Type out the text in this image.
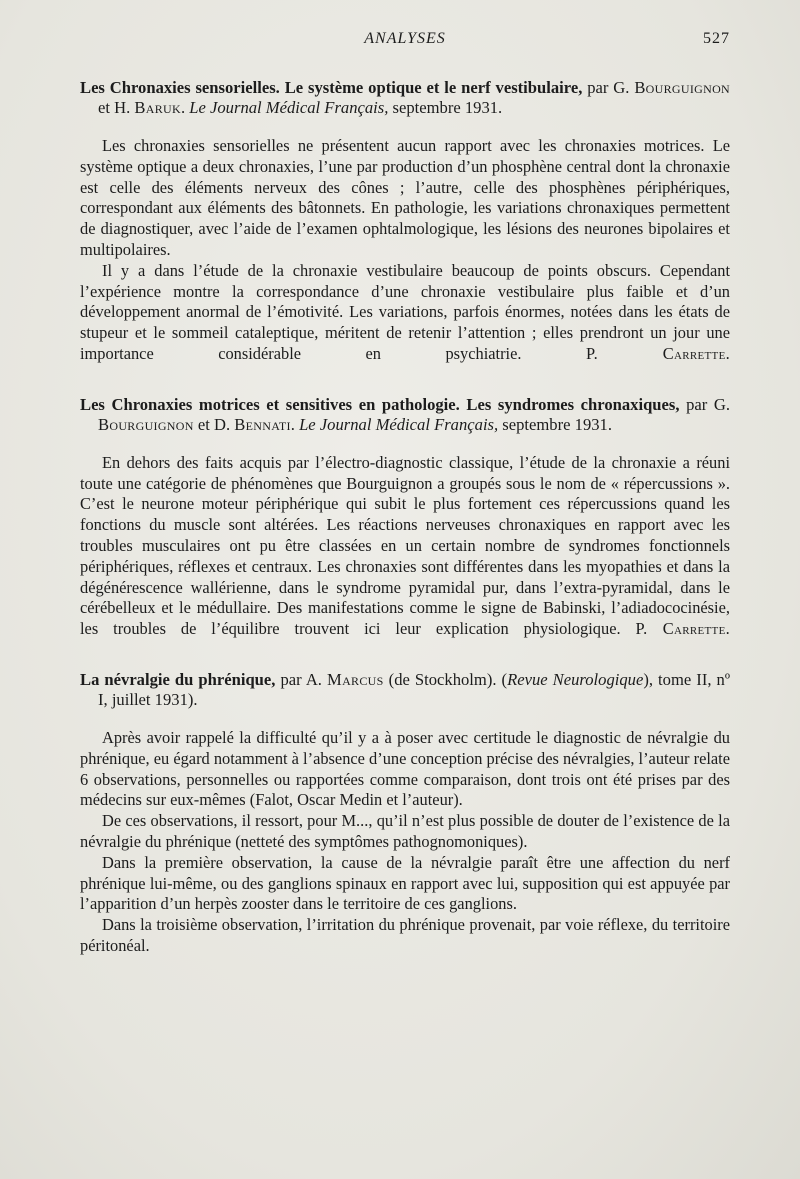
ANALYSES	527
Les Chronaxies sensorielles. Le système optique et le nerf vestibulaire, par G. Bourguignon et H. Baruk. Le Journal Médical Français, septembre 1931.

Les chronaxies sensorielles ne présentent aucun rapport avec les chronaxies motrices. Le système optique a deux chronaxies, l’une par production d’un phosphène central dont la chronaxie est celle des éléments nerveux des cônes ; l’autre, celle des phosphènes périphériques, correspondant aux éléments des bâtonnets. En pathologie, les variations chronaxiques permettent de diagnostiquer, avec l’aide de l’examen ophtalmologique, les lésions des neurones bipolaires et multipolaires.

Il y a dans l’étude de la chronaxie vestibulaire beaucoup de points obscurs. Cependant l’expérience montre la correspondance d’une chronaxie vestibulaire plus faible et d’un développement anormal de l’émotivité. Les variations, parfois énormes, notées dans les états de stupeur et le sommeil cataleptique, méritent de retenir l’attention ; elles prendront un jour une importance considérable en psychiatrie.	P. Carrette.

Les Chronaxies motrices et sensitives en pathologie. Les syndromes chronaxiques, par G. Bourguignon et D. Bennati. Le Journal Médical Français, septembre 1931.

En dehors des faits acquis par l’électro-diagnostic classique, l’étude de la chronaxie a réuni toute une catégorie de phénomènes que Bourguignon a groupés sous le nom de « répercussions ». C’est le neurone moteur périphérique qui subit le plus fortement ces répercussions quand les fonctions du muscle sont altérées. Les réactions nerveuses chronaxiques en rapport avec les troubles musculaires ont pu être classées en un certain nombre de syndromes fonctionnels périphériques, réflexes et centraux. Les chronaxies sont différentes dans les myopathies et dans la dégénérescence wallérienne, dans le syndrome pyramidal pur, dans l’extra-pyramidal, dans le cérébelleux et le médullaire. Des manifestations comme le signe de Babinski, l’adiadococinésie, les troubles de l’équilibre trouvent ici leur explication physiologique. P. Carrette.

La névralgie du phrénique, par A. Marcus (de Stockholm). (Revue Neurologique), tome II, nº I, juillet 1931).

Après avoir rappelé la difficulté qu’il y a à poser avec certitude le diagnostic de névralgie du phrénique, eu égard notamment à l’absence d’une conception précise des névralgies, l’auteur relate 6 observations, personnelles ou rapportées comme comparaison, dont trois ont été prises par des médecins sur eux-mêmes (Falot, Oscar Medin et l’auteur).

De ces observations, il ressort, pour M..., qu’il n’est plus possible de douter de l’existence de la névralgie du phrénique (netteté des symptômes pathognomoniques).

Dans la première observation, la cause de la névralgie paraît être une affection du nerf phrénique lui-même, ou des ganglions spinaux en rapport avec lui, supposition qui est appuyée par l’apparition d’un herpès zooster dans le territoire de ces ganglions.

Dans la troisième observation, l’irritation du phrénique provenait, par voie réflexe, du territoire péritonéal.
